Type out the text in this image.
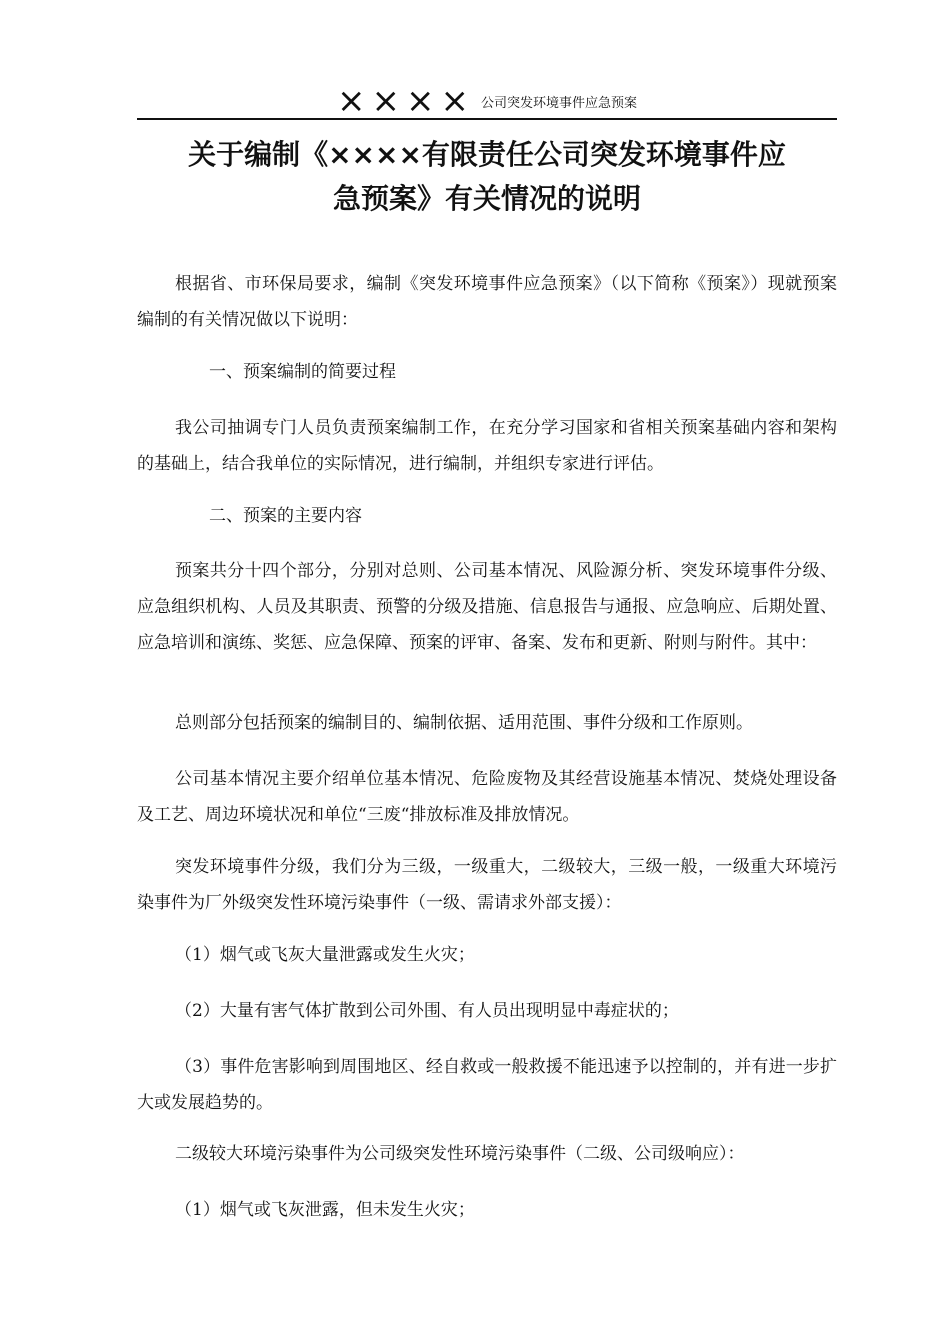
×××× 公司突发环境事件应急预案
关于编制《××××有限责任公司突发环境事件应
急预案》有关情况的说明

根据省、市环保局要求，编制《突发环境事件应急预案》（以下简称《预案》）现就预案编制的有关情况做以下说明：

一、预案编制的简要过程

我公司抽调专门人员负责预案编制工作，在充分学习国家和省相关预案基础内容和架构的基础上，结合我单位的实际情况，进行编制，并组织专家进行评估。

二、预案的主要内容

预案共分十四个部分，分别对总则、公司基本情况、风险源分析、突发环境事件分级、应急组织机构、人员及其职责、预警的分级及措施、信息报告与通报、应急响应、后期处置、应急培训和演练、奖惩、应急保障、预案的评审、备案、发布和更新、附则与附件。其中：

总则部分包括预案的编制目的、编制依据、适用范围、事件分级和工作原则。

公司基本情况主要介绍单位基本情况、危险废物及其经营设施基本情况、焚烧处理设备及工艺、周边环境状况和单位“三废“排放标准及排放情况。

突发环境事件分级，我们分为三级，一级重大，二级较大，三级一般，一级重大环境污染事件为厂外级突发性环境污染事件（一级、需请求外部支援）：

（1）烟气或飞灰大量泄露或发生火灾；

（2）大量有害气体扩散到公司外围、有人员出现明显中毒症状的；

（3）事件危害影响到周围地区、经自救或一般救援不能迅速予以控制的，并有进一步扩大或发展趋势的。

二级较大环境污染事件为公司级突发性环境污染事件（二级、公司级响应）：

（1）烟气或飞灰泄露，但未发生火灾；
